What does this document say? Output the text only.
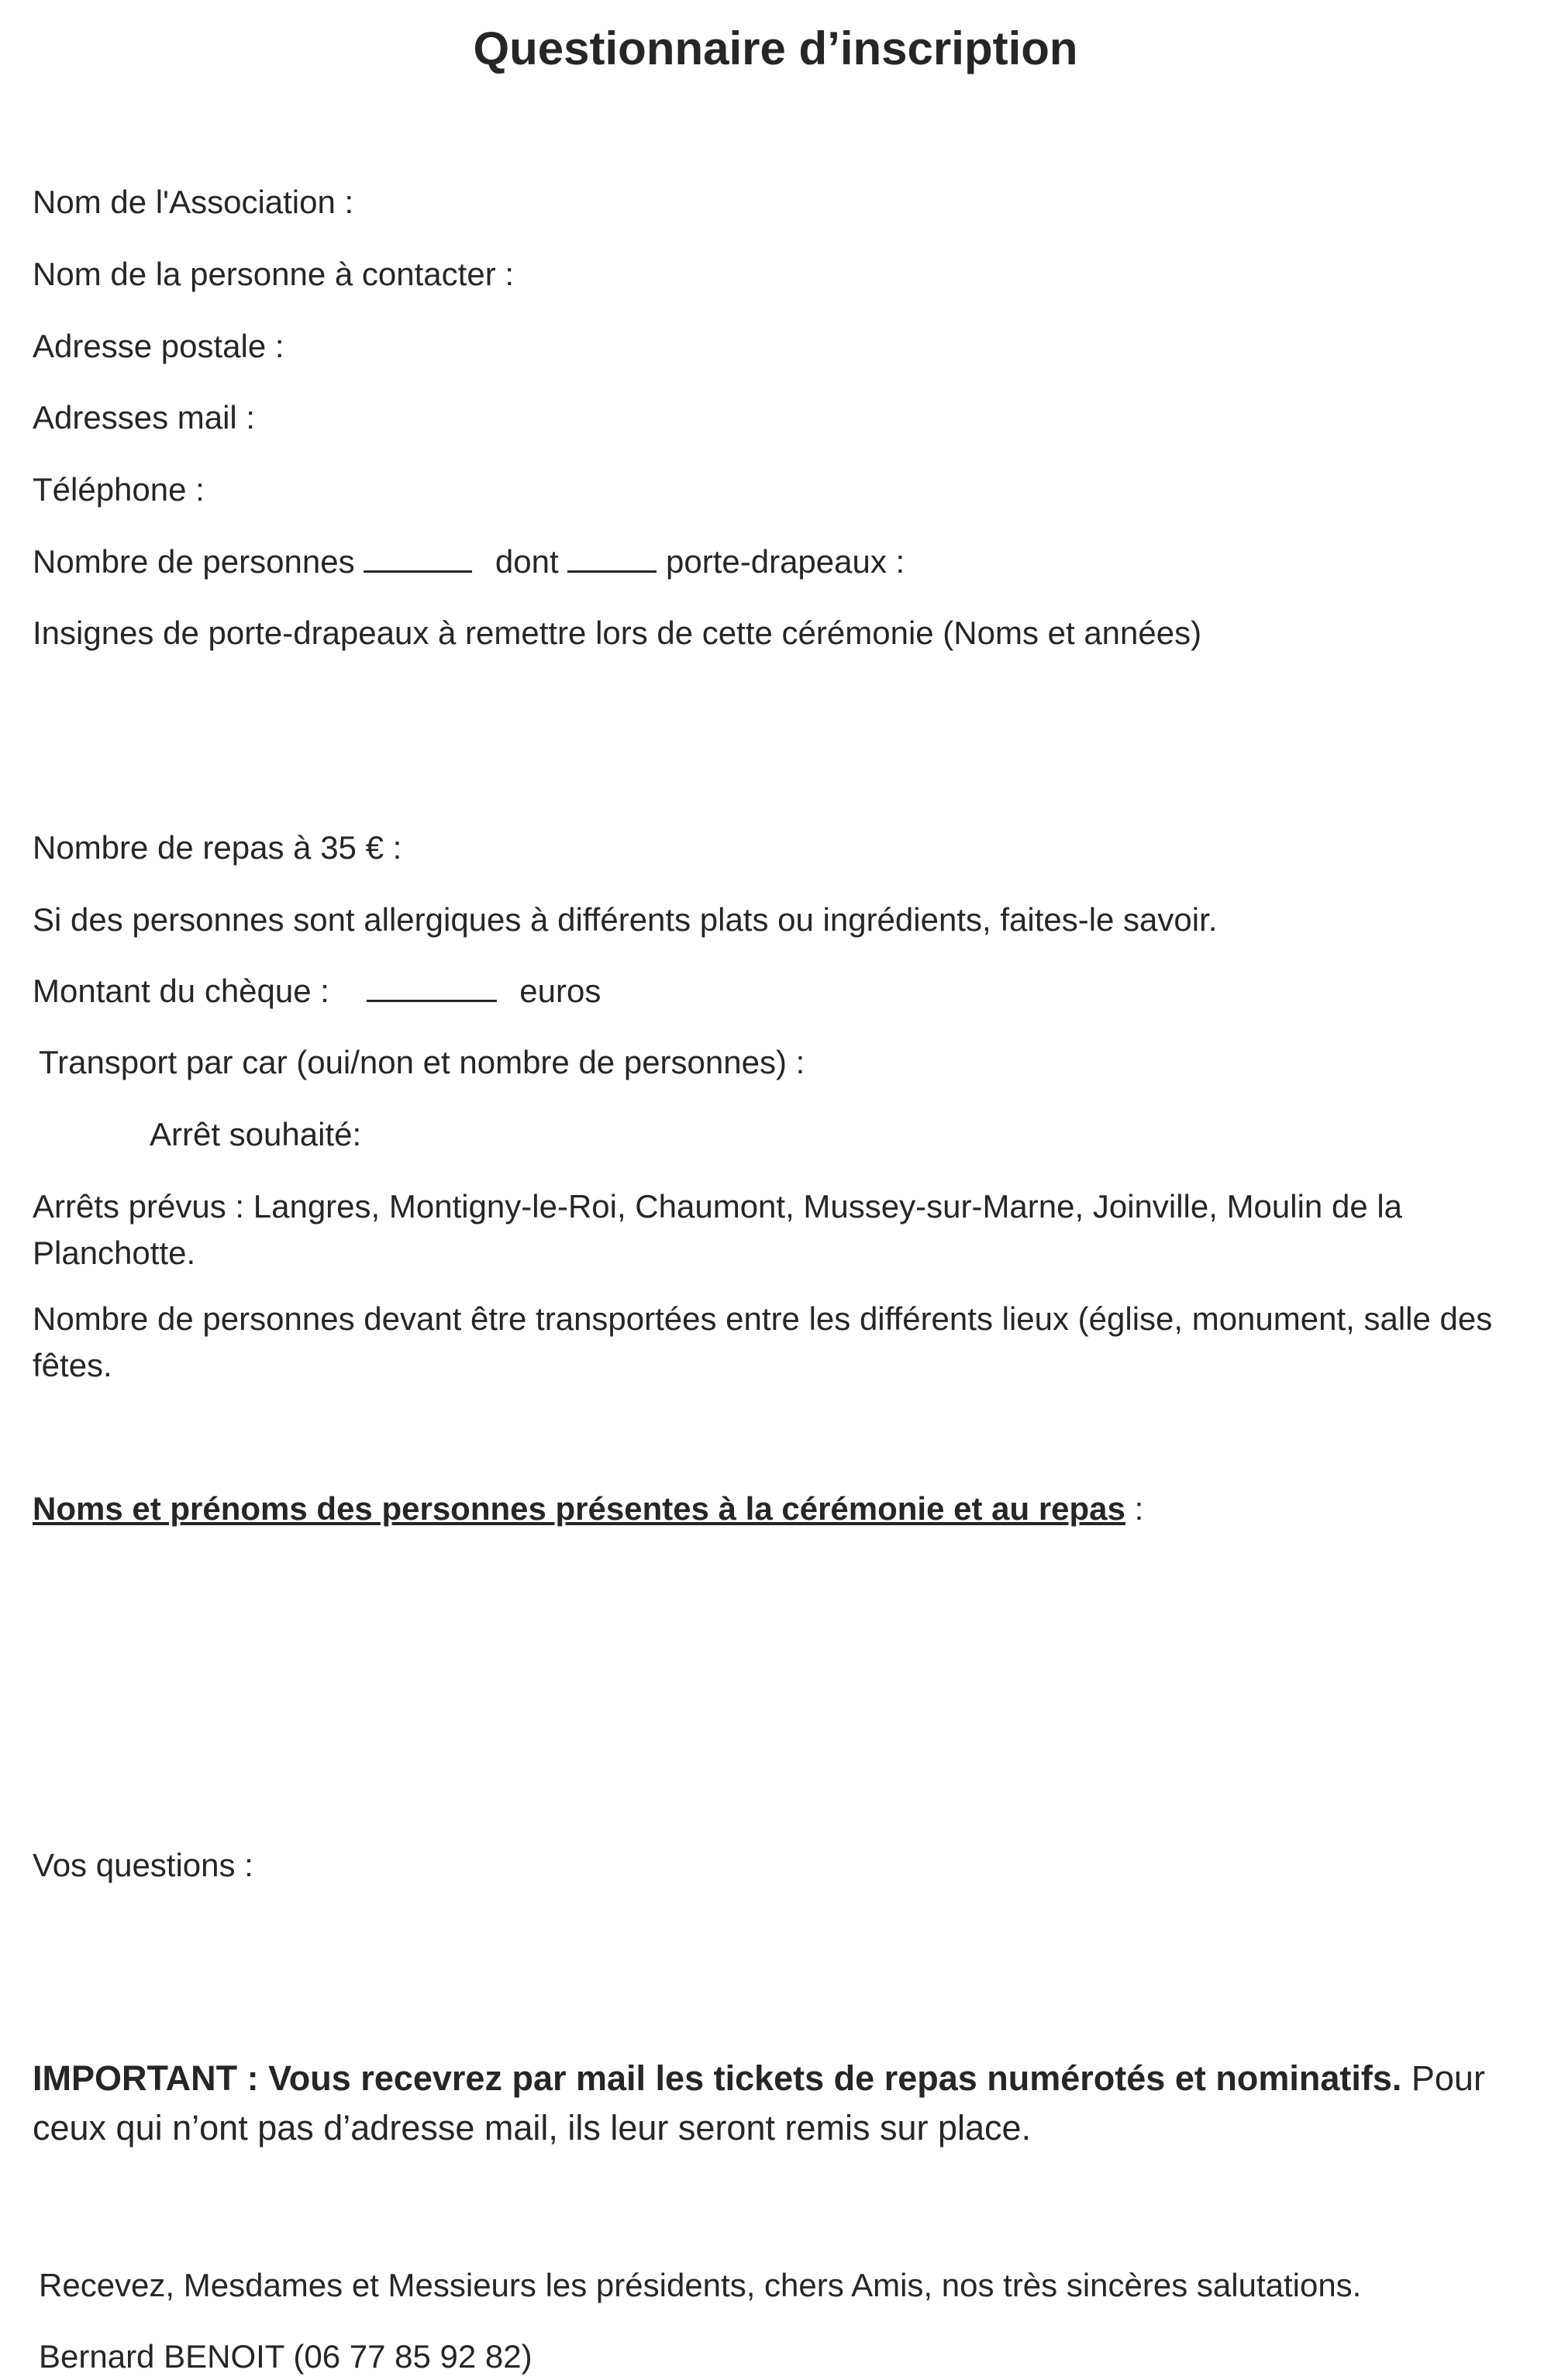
Questionnaire d’inscription

Nom de l'Association :

Nom de la personne à contacter :

Adresse postale :

Adresses mail :

Téléphone :

Nombre de personnes	dont	porte-drapeaux :

Insignes de porte-drapeaux à remettre lors de cette cérémonie (Noms et années)

Nombre de repas à 35 € :

Si des personnes sont allergiques à différents plats ou ingrédients, faites-le savoir.

Montant du chèque :	euros

Transport par car (oui/non et nombre de personnes) :

Arrêt souhaité:

Arrêts prévus : Langres, Montigny-le-Roi, Chaumont, Mussey-sur-Marne, Joinville, Moulin de la Planchotte.

Nombre de personnes devant être transportées entre les différents lieux (église, monument, salle des fêtes.

Noms et prénoms des personnes présentes à la cérémonie et au repas :

Vos questions :

IMPORTANT : Vous recevrez par mail les tickets de repas numérotés et nominatifs. Pour ceux qui n’ont pas d’adresse mail, ils leur seront remis sur place.

Recevez, Mesdames et Messieurs les présidents, chers Amis, nos très sincères salutations.

Bernard BENOIT (06 77 85 92 82)
